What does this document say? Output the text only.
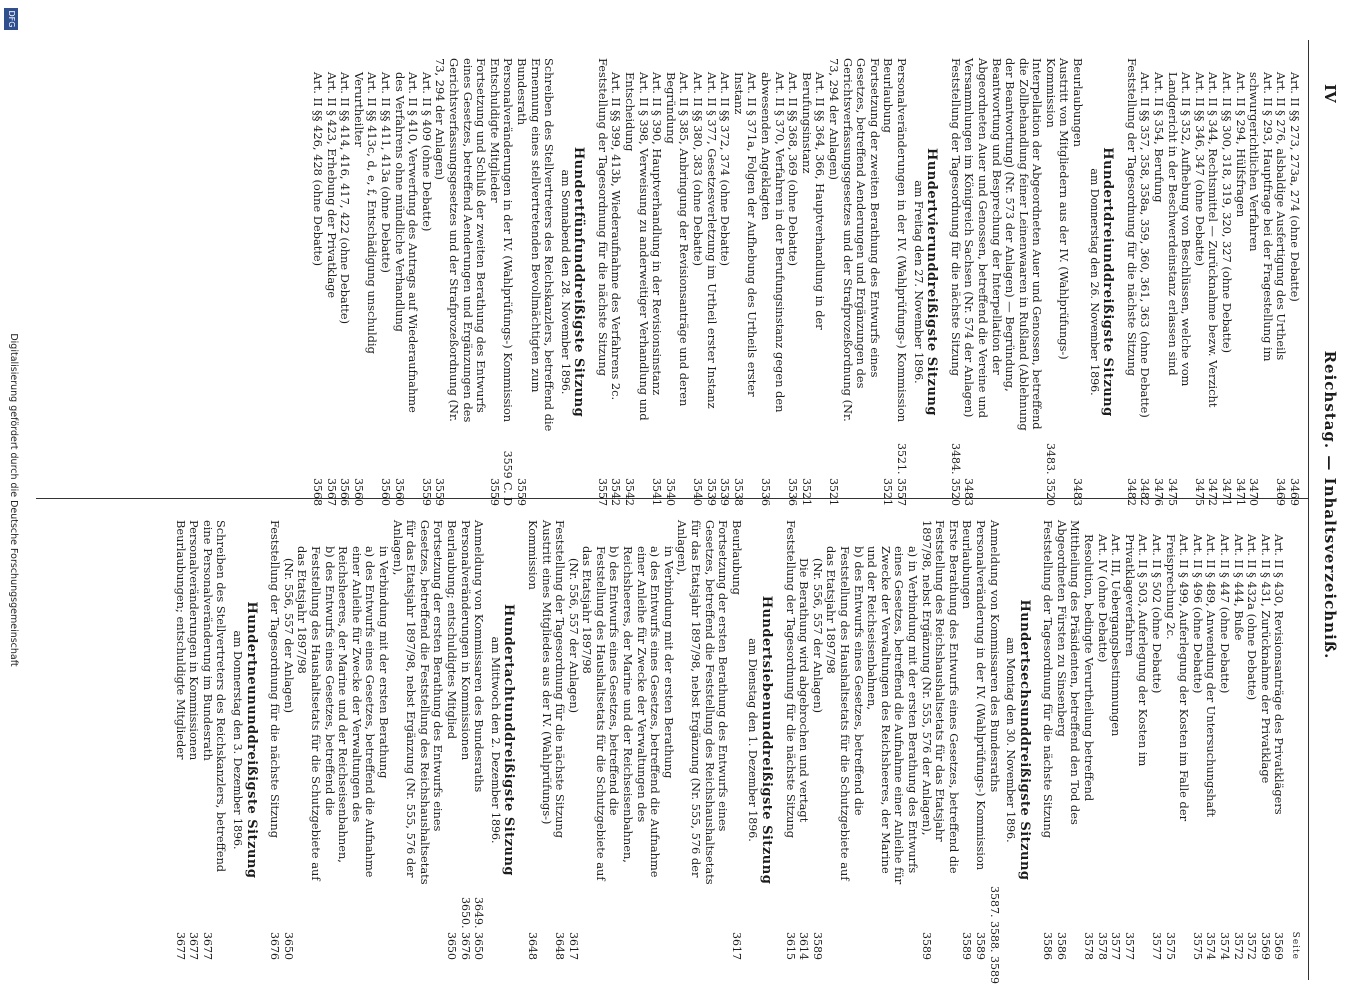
IV
Reichstag. — Inhaltsverzeichniß.
Art. II §§ 273, 273a, 274 (ohne Debatte)
3469
Art. II § 276, alsbaldige Ausfertigung des Urtheils
3469
Art. II § 293, Hauptfrage bei der Fragestellung im schwurgerichtlichen Verfahren
3470
Art. II § 294, Hülfsfragen
3471
Art. II §§ 300, 318, 319, 320, 327 (ohne Debatte)
3471
Art. II § 344, Rechtsmittel — Zurücknahme bezw. Verzicht
3472
Art. II §§ 346, 347 (ohne Debatte)
3475
Art. II § 352, Aufhebung von Beschlüssen, welche vom Landgericht in der Beschwerdeinstanz erlassen sind
3475
Art. II § 354, Berufung
3476
Art. II §§ 357, 358, 358a, 359, 360, 361, 363 (ohne Debatte)
3482
Feststellung der Tagesordnung für die nächste Sitzung
3482
Hundertdreiunddreißigste Sitzung
am Donnerstag den 26. November 1896.
Beurlaubungen
3483
Austritt von Mitgliedern aus der IV. (Wahlprüfungs-) Kommission
3483. 3520
Interpellation der Abgeordneten Auer und Genossen, betreffend die Zollbehandlung feiner Leinenwaaren in Rußland (Ablehnung der Beantwortung) (Nr. 573 der Anlagen) — Begründung, Beantwortung und Besprechung der Interpellation der Abgeordneten Auer und Genossen, betreffend die Vereine und Versammlungen im Königreich Sachsen (Nr. 574 der Anlagen)
3483
Feststellung der Tagesordnung für die nächste Sitzung
3484. 3520
Hundertvierunddreißigste Sitzung
am Freitag den 27. November 1896.
Personalveränderungen in der IV. (Wahlprüfungs-) Kommission
3521. 3557
Beurlaubung
3521
Fortsetzung der zweiten Berathung des Entwurfs eines Gesetzes, betreffend Aenderungen und Ergänzungen des Gerichtsverfassungsgesetzes und der Strafprozeßordnung (Nr. 73, 294 der Anlagen)
3521
Art. II §§ 364, 366, Hauptverhandlung in der Berufungsinstanz
3521
Art. II §§ 368, 369 (ohne Debatte)
3536
Art. II § 370, Verfahren in der Berufungsinstanz gegen den abwesenden Angeklagten
3536
Art. II § 371a, Folgen der Aufhebung des Urtheils erster Instanz
3538
Art. II §§ 372, 374 (ohne Debatte)
3539
Art. II § 377, Gesetzesverletzung im Urtheil erster Instanz
3539
Art. II §§ 380, 383 (ohne Debatte)
3540
Art. II § 385, Anbringung der Revisionsanträge und deren Begründung
3540
Art. II § 390, Hauptverhandlung in der Revisionsinstanz
3541
Art. II § 398, Verweisung zu anderweitiger Verhandlung und Entscheidung
3542
Art. II §§ 399, 413b, Wiederaufnahme des Verfahrens 2c.
3542
Feststellung der Tagesordnung für die nächste Sitzung
3557
Hundertfünfunddreißigste Sitzung
am Sonnabend den 28. November 1896.
Schreiben des Stellvertreters des Reichskanzlers, betreffend die Ernennung eines stellvertretenden Bevollmächtigten zum Bundesrath
3559
Personalveränderungen in der IV. (Wahlprüfungs-) Kommission
3559 C. D
Entschuldigte Mitglieder
3559
Fortsetzung und Schluß der zweiten Berathung des Entwurfs eines Gesetzes, betreffend Aenderungen und Ergänzungen des Gerichtsverfassungsgesetzes und der Strafprozeßordnung (Nr. 73, 294 der Anlagen)
3559
Art. II § 409 (ohne Debatte)
3559
Art. II § 410, Verwerfung des Antrags auf Wiederaufnahme des Verfahrens ohne mündliche Verhandlung
3560
Art. II §§ 411, 413a (ohne Debatte)
3560
Art. II §§ 413c, d, e, f, Entschädigung unschuldig Verurtheilter
3560
Art. II §§ 414, 416, 417, 422 (ohne Debatte)
3566
Art. II § 423, Erhebung der Privatklage
3567
Art. II §§ 426, 428 (ohne Debatte)
3568
Seite
Art. II § 430, Revisionsanträge des Privatklägers
3569
Art. II § 431, Zurücknahme der Privatklage
3569
Art. II § 432a (ohne Debatte)
3572
Art. II § 444, Buße
3572
Art. II § 447 (ohne Debatte)
3574
Art. II § 489, Anwendung der Untersuchungshaft
3574
Art. II § 496 (ohne Debatte)
3575
Art. II § 499, Auferlegung der Kosten im Falle der Freisprechung 2c.
3575
Art. II § 502 (ohne Debatte)
3577
Art. II § 503, Auferlegung der Kosten im Privatklageverfahren
3577
Art. III, Uebergangsbestimmungen
3577
Art. IV (ohne Debatte)
3578
Resolution, bedingte Verurtheilung betreffend
3578
Mittheilung des Präsidenten, betreffend den Tod des Abgeordneten Fürsten zu Sinsenberg
3586
Feststellung der Tagesordnung für die nächste Sitzung
3586
Hundertsechsunddreißigste Sitzung
am Montag den 30. November 1896.
Anmeldung von Kommissaren des Bundesraths
3587. 3588. 3589
Personalveränderung in der IV. (Wahlprüfungs-) Kommission
3589
Beurlaubungen
3589
Erste Berathung des Entwurfs eines Gesetzes, betreffend die Feststellung des Reichshaushaltsetats für das Etatsjahr 1897/98, nebst Ergänzung (Nr. 555, 576 der Anlagen),
3589
a) in Verbindung mit der ersten Berathung des Entwurfs eines Gesetzes, betreffend die Aufnahme einer Anleihe für Zwecke der Verwaltungen des Reichsheeres, der Marine und der Reichseisenbahnen,
b) des Entwurfs eines Gesetzes, betreffend die Feststellung des Haushaltsetats für die Schutzgebiete auf das Etatsjahr 1897/98
(Nr. 556, 557 der Anlagen)
3589
Die Berathung wird abgebrochen und vertagt
3614
Feststellung der Tagesordnung für die nächste Sitzung
3615
Hundertsiebenunddreißigste Sitzung
am Dienstag den 1. Dezember 1896.
Beurlaubung
3617
Fortsetzung der ersten Berathung des Entwurfs eines Gesetzes, betreffend die Feststellung des Reichshaushaltsetats für das Etatsjahr 1897/98, nebst Ergänzung (Nr. 555, 576 der Anlagen),
in Verbindung mit der ersten Berathung
a) des Entwurfs eines Gesetzes, betreffend die Aufnahme einer Anleihe für Zwecke der Verwaltungen des Reichsheeres, der Marine und der Reichseisenbahnen,
b) des Entwurfs eines Gesetzes, betreffend die Feststellung des Haushaltsetats für die Schutzgebiete auf das Etatsjahr 1897/98
(Nr. 556, 557 der Anlagen)
3617
Feststellung der Tagesordnung für die nächste Sitzung
3648
Austritt eines Mitgliedes aus der IV. (Wahlprüfungs-) Kommission
3648
Hundertachtunddreißigste Sitzung
am Mittwoch den 2. Dezember 1896.
Anmeldung von Kommissaren des Bundesraths
3649. 3650
Personalveränderungen in Kommissionen
3650. 3676
Beurlaubung; entschuldigtes Mitglied
3650
Fortsetzung der ersten Berathung des Entwurfs eines Gesetzes, betreffend die Feststellung des Reichshaushaltsetats für das Etatsjahr 1897/98, nebst Ergänzung (Nr. 555, 576 der Anlagen),
in Verbindung mit der ersten Berathung
a) des Entwurfs eines Gesetzes, betreffend die Aufnahme einer Anleihe für Zwecke der Verwaltungen des Reichsheeres, der Marine und der Reichseisenbahnen,
b) des Entwurfs eines Gesetzes, betreffend die Feststellung des Haushaltsetats für die Schutzgebiete auf das Etatsjahr 1897/98
(Nr. 556, 557 der Anlagen)
3650
Feststellung der Tagesordnung für die nächste Sitzung
3676
Hundertneununddreißigste Sitzung
am Donnerstag den 3. Dezember 1896.
Schreiben des Stellvertreters des Reichskanzlers, betreffend eine Personalveränderung im Bundesrath
3677
Personalveränderungen in Kommissionen
3677
Beurlaubungen; entschuldigte Mitglieder
3677
Digitalisierung gefördert durch die Deutsche Forschungsgemeinschaft
DFG
